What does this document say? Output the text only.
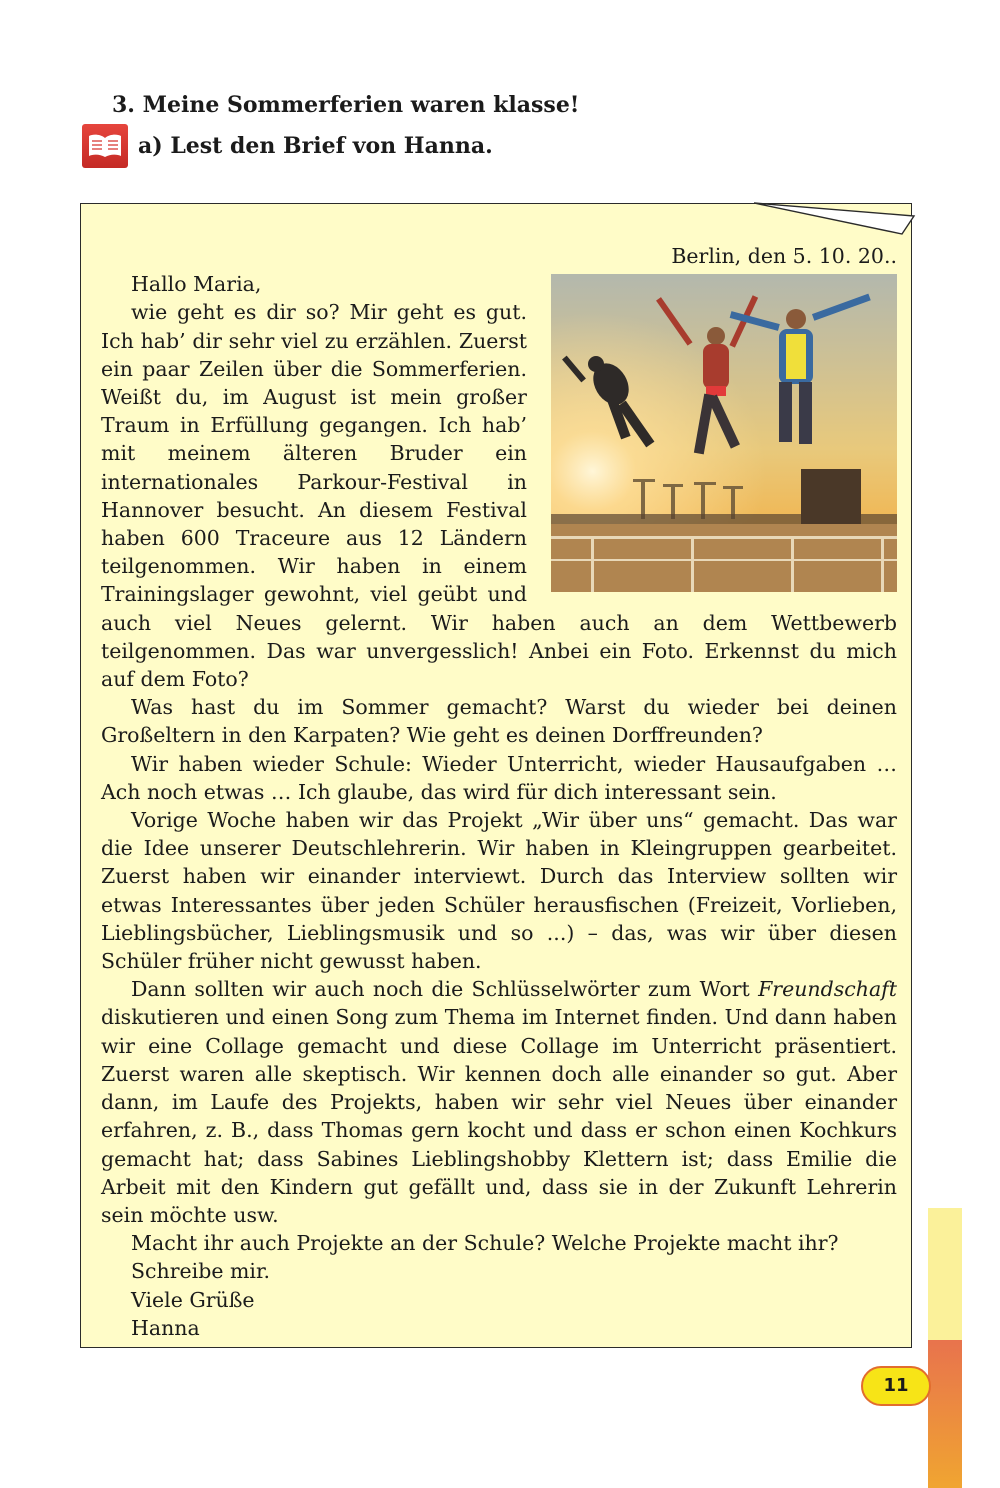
3. Meine Sommerferien waren klasse!
a) Lest den Brief von Hanna.

Berlin, den 5. 10. 20..

Hallo Maria,

wie geht es dir so? Mir geht es gut. Ich hab’ dir sehr viel zu erzählen. Zuerst ein paar Zeilen über die Sommerferien. Weißt du, im August ist mein großer Traum in Erfüllung gegangen. Ich hab’ mit meinem älteren Bruder ein internationales Parkour-Festival in Hannover besucht. An diesem Festival haben 600 Traceure aus 12 Ländern teilgenommen. Wir haben in einem Trainingslager gewohnt, viel geübt und auch viel Neues gelernt. Wir haben auch an dem Wettbewerb teilgenommen. Das war unvergesslich! Anbei ein Foto. Erkennst du mich auf dem Foto?

Was hast du im Sommer gemacht? Warst du wieder bei deinen Großeltern in den Karpaten? Wie geht es deinen Dorffreunden?

Wir haben wieder Schule: Wieder Unterricht, wieder Hausaufgaben … Ach noch etwas … Ich glaube, das wird für dich interessant sein.

Vorige Woche haben wir das Projekt „Wir über uns“ gemacht. Das war die Idee unserer Deutschlehrerin. Wir haben in Kleingruppen gearbeitet. Zuerst haben wir einander interviewt. Durch das Interview sollten wir etwas Interessantes über jeden Schüler herausfischen (Freizeit, Vorlieben, Lieblingsbücher, Lieblingsmusik und so ...) – das, was wir über diesen Schüler früher nicht gewusst haben.

Dann sollten wir auch noch die Schlüsselwörter zum Wort Freundschaft diskutieren und einen Song zum Thema im Internet finden. Und dann haben wir eine Collage gemacht und diese Collage im Unterricht präsentiert. Zuerst waren alle skeptisch. Wir kennen doch alle einander so gut. Aber dann, im Laufe des Projekts, haben wir sehr viel Neues über einander erfahren, z. B., dass Thomas gern kocht und dass er schon einen Kochkurs gemacht hat; dass Sabines Lieblingshobby Klettern ist; dass Emilie die Arbeit mit den Kindern gut gefällt und, dass sie in der Zukunft Lehrerin sein möchte usw.

Macht ihr auch Projekte an der Schule? Welche Projekte macht ihr?

Schreibe mir.

Viele Grüße

Hanna

11
